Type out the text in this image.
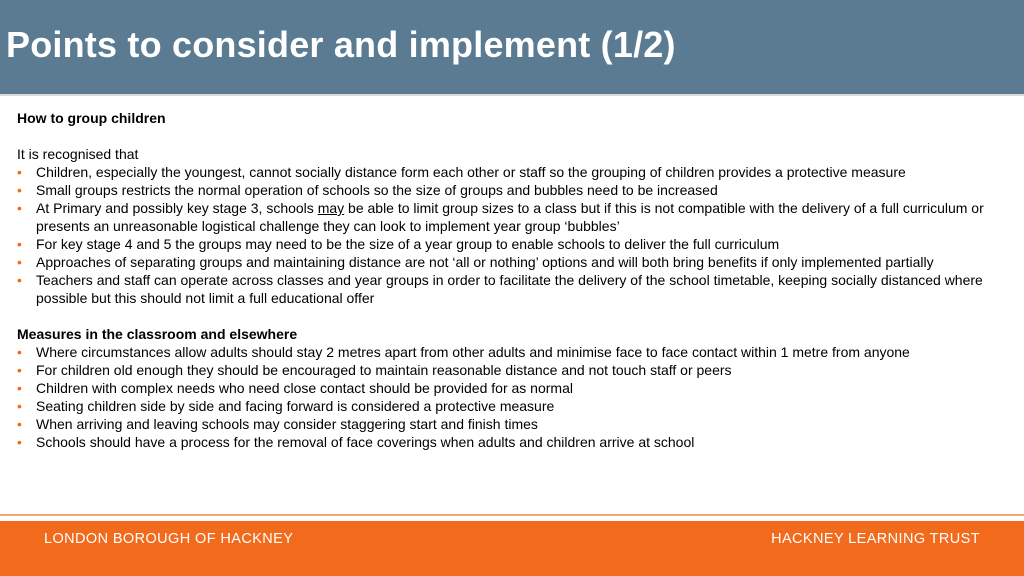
Points to consider and implement (1/2)

How to group children

It is recognised that

• Children, especially the youngest, cannot socially distance form each other or staff so the grouping of children provides a protective measure
• Small groups restricts the normal operation of schools so the size of groups and bubbles need to be increased
• At Primary and possibly key stage 3, schools may be able to limit group sizes to a class but if this is not compatible with the delivery of a full curriculum or presents an unreasonable logistical challenge they can look to implement year group ‘bubbles’
• For key stage 4 and 5 the groups may need to be the size of a year group to enable schools to deliver the full curriculum
• Approaches of separating groups and maintaining distance are not ‘all or nothing’ options and will both bring benefits if only implemented partially
• Teachers and staff can operate across classes and year groups in order to facilitate the delivery of the school timetable, keeping socially distanced where possible but this should not limit a full educational offer

Measures in the classroom and elsewhere

• Where circumstances allow adults should stay 2 metres apart from other adults and minimise face to face contact within 1 metre from anyone
• For children old enough they should be encouraged to maintain reasonable distance and not touch staff or peers
• Children with complex needs who need close contact should be provided for as normal
• Seating children side by side and facing forward is considered a protective measure
• When arriving and leaving schools may consider staggering start and finish times
• Schools should have a process for the removal of face coverings when adults and children arrive at school
LONDON BOROUGH OF HACKNEY	HACKNEY LEARNING TRUST
